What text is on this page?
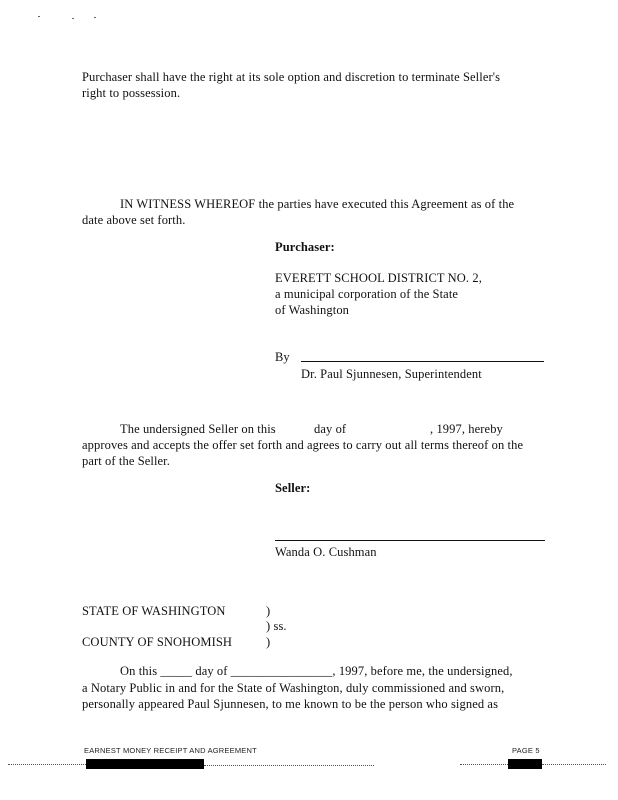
Purchaser shall have the right at its sole option and discretion to terminate Seller's
right to possession.
IN WITNESS WHEREOF the parties have executed this Agreement as of the
date above set forth.
Purchaser:
EVERETT SCHOOL DISTRICT NO. 2,
a municipal corporation of the State
of Washington
By
Dr. Paul Sjunnesen, Superintendent
The undersigned Seller on this	day of	, 1997, hereby
approves and accepts the offer set forth and agrees to carry out all terms thereof on the
part of the Seller.
Seller:
Wanda O. Cushman
STATE OF WASHINGTON	)
) ss.
COUNTY OF SNOHOMISH	)
On this _____ day of ________________, 1997, before me, the undersigned,
a Notary Public in and for the State of Washington, duly commissioned and sworn,
personally appeared Paul Sjunnesen, to me known to be the person who signed as
EARNEST MONEY RECEIPT AND AGREEMENT	PAGE 5
